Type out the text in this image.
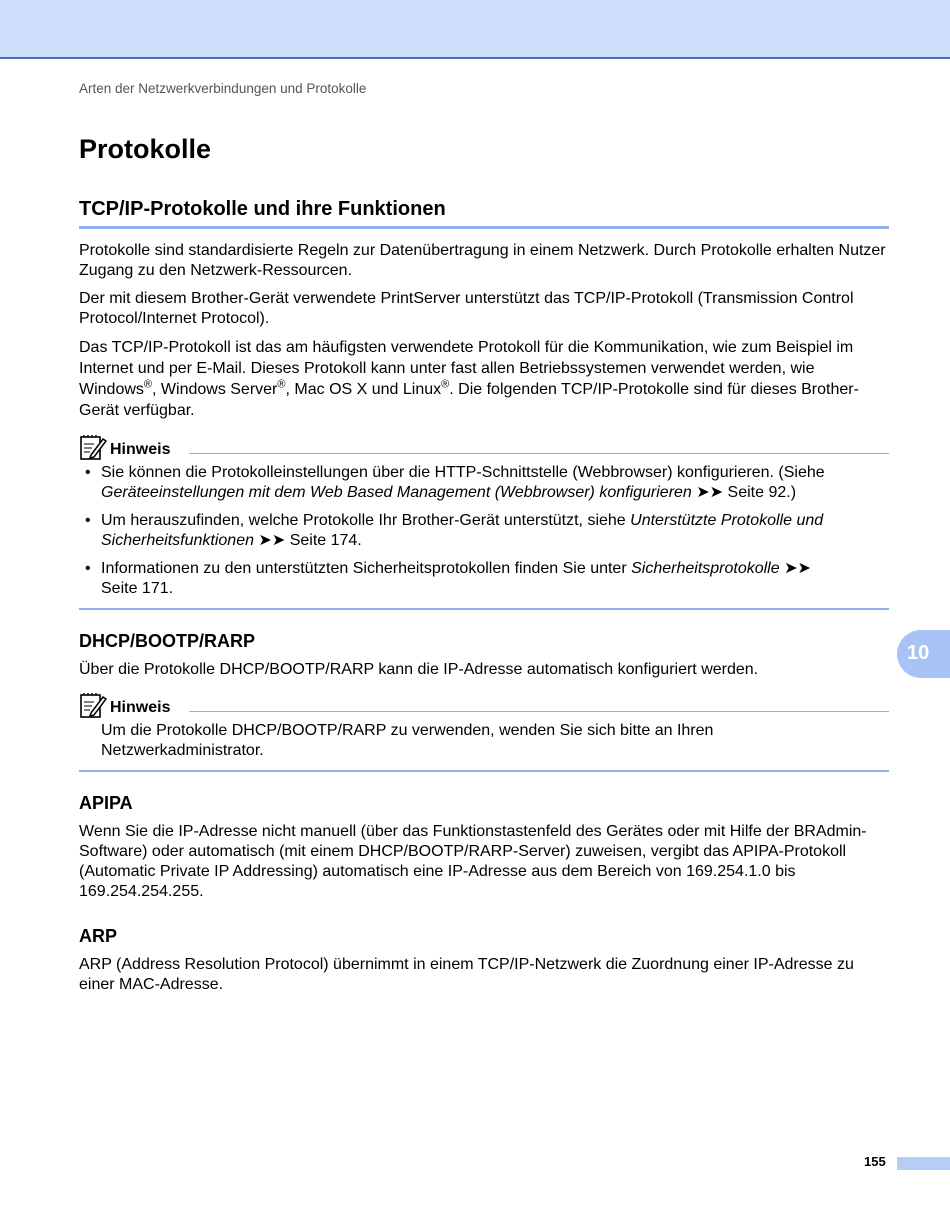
Arten der Netzwerkverbindungen und Protokolle
Protokolle
TCP/IP-Protokolle und ihre Funktionen

Protokolle sind standardisierte Regeln zur Datenübertragung in einem Netzwerk. Durch Protokolle erhalten Nutzer Zugang zu den Netzwerk-Ressourcen.

Der mit diesem Brother-Gerät verwendete PrintServer unterstützt das TCP/IP-Protokoll (Transmission Control Protocol/Internet Protocol).

Das TCP/IP-Protokoll ist das am häufigsten verwendete Protokoll für die Kommunikation, wie zum Beispiel im Internet und per E-Mail. Dieses Protokoll kann unter fast allen Betriebssystemen verwendet werden, wie Windows®, Windows Server®, Mac OS X und Linux®. Die folgenden TCP/IP-Protokolle sind für dieses Brother-Gerät verfügbar.

Hinweis
• Sie können die Protokolleinstellungen über die HTTP-Schnittstelle (Webbrowser) konfigurieren. (Siehe Geräteeinstellungen mit dem Web Based Management (Webbrowser) konfigurieren ➤➤ Seite 92.)
• Um herauszufinden, welche Protokolle Ihr Brother-Gerät unterstützt, siehe Unterstützte Protokolle und Sicherheitsfunktionen ➤➤ Seite 174.
• Informationen zu den unterstützten Sicherheitsprotokollen finden Sie unter Sicherheitsprotokolle ➤➤ Seite 171.
DHCP/BOOTP/RARP

Über die Protokolle DHCP/BOOTP/RARP kann die IP-Adresse automatisch konfiguriert werden.

10
Hinweis

Um die Protokolle DHCP/BOOTP/RARP zu verwenden, wenden Sie sich bitte an Ihren Netzwerkadministrator.

APIPA

Wenn Sie die IP-Adresse nicht manuell (über das Funktionstastenfeld des Gerätes oder mit Hilfe der BRAdmin-Software) oder automatisch (mit einem DHCP/BOOTP/RARP-Server) zuweisen, vergibt das APIPA-Protokoll (Automatic Private IP Addressing) automatisch eine IP-Adresse aus dem Bereich von 169.254.1.0 bis 169.254.254.255.

ARP

ARP (Address Resolution Protocol) übernimmt in einem TCP/IP-Netzwerk die Zuordnung einer IP-Adresse zu einer MAC-Adresse.

155
